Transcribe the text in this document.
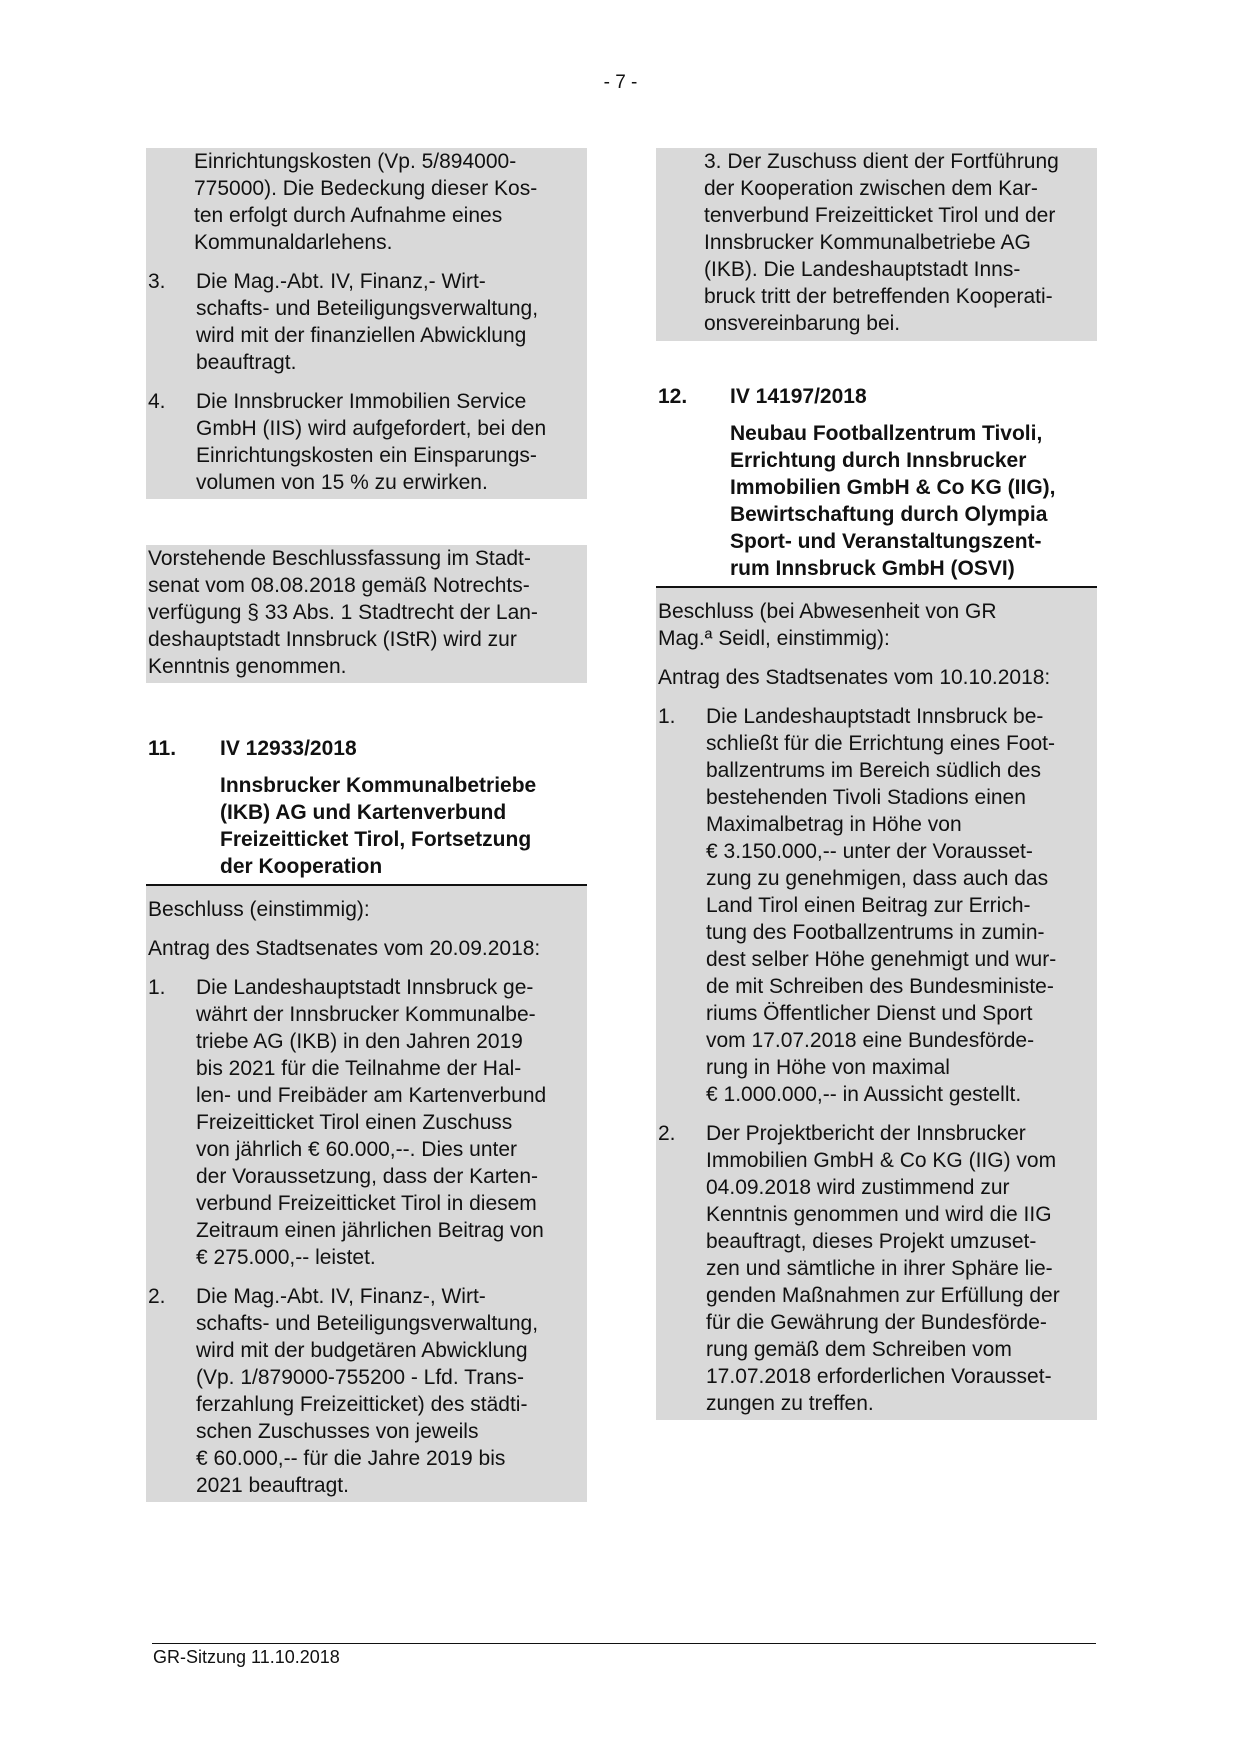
- 7 -
Einrichtungskosten (Vp. 5/894000-
775000). Die Bedeckung dieser Kos-
ten erfolgt durch Aufnahme eines
Kommunaldarlehens.
3.	Die Mag.-Abt. IV, Finanz,- Wirt-
schafts- und Beteiligungsverwaltung,
wird mit der finanziellen Abwicklung
beauftragt.
4.	Die Innsbrucker Immobilien Service
GmbH (IIS) wird aufgefordert, bei den
Einrichtungskosten ein Einsparungs-
volumen von 15 % zu erwirken.
Vorstehende Beschlussfassung im Stadt-
senat vom 08.08.2018 gemäß Notrechts-
verfügung § 33 Abs. 1 Stadtrecht der Lan-
deshauptstadt Innsbruck (IStR) wird zur
Kenntnis genommen.
11.	IV 12933/2018
Innsbrucker Kommunalbetriebe
(IKB) AG und Kartenverbund
Freizeitticket Tirol, Fortsetzung
der Kooperation

Beschluss (einstimmig):

Antrag des Stadtsenates vom 20.09.2018:

1.	Die Landeshauptstadt Innsbruck ge-
währt der Innsbrucker Kommunalbe-
triebe AG (IKB) in den Jahren 2019
bis 2021 für die Teilnahme der Hal-
len- und Freibäder am Kartenverbund
Freizeitticket Tirol einen Zuschuss
von jährlich € 60.000,--. Dies unter
der Voraussetzung, dass der Karten-
verbund Freizeitticket Tirol in diesem
Zeitraum einen jährlichen Beitrag von
€ 275.000,-- leistet.
2.	Die Mag.-Abt. IV, Finanz-, Wirt-
schafts- und Beteiligungsverwaltung,
wird mit der budgetären Abwicklung
(Vp. 1/879000-755200 - Lfd. Trans-
ferzahlung Freizeitticket) des städti-
schen Zuschusses von jeweils
€ 60.000,-- für die Jahre 2019 bis
2021 beauftragt.
3. Der Zuschuss dient der Fortführung
der Kooperation zwischen dem Kar-
tenverbund Freizeitticket Tirol und der
Innsbrucker Kommunalbetriebe AG
(IKB). Die Landeshauptstadt Inns-
bruck tritt der betreffenden Kooperati-
onsvereinbarung bei.
12.	IV 14197/2018
Neubau Footballzentrum Tivoli,
Errichtung durch Innsbrucker
Immobilien GmbH & Co KG (IIG),
Bewirtschaftung durch Olympia
Sport- und Veranstaltungszent-
rum Innsbruck GmbH (OSVI)
Beschluss (bei Abwesenheit von GR
Mag.ª Seidl, einstimmig):

Antrag des Stadtsenates vom 10.10.2018:

1.	Die Landeshauptstadt Innsbruck be-
schließt für die Errichtung eines Foot-
ballzentrums im Bereich südlich des
bestehenden Tivoli Stadions einen
Maximalbetrag in Höhe von
€ 3.150.000,-- unter der Vorausset-
zung zu genehmigen, dass auch das
Land Tirol einen Beitrag zur Errich-
tung des Footballzentrums in zumin-
dest selber Höhe genehmigt und wur-
de mit Schreiben des Bundesministe-
riums Öffentlicher Dienst und Sport
vom 17.07.2018 eine Bundesförde-
rung in Höhe von maximal
€ 1.000.000,-- in Aussicht gestellt.
2.	Der Projektbericht der Innsbrucker
Immobilien GmbH & Co KG (IIG) vom
04.09.2018 wird zustimmend zur
Kenntnis genommen und wird die IIG
beauftragt, dieses Projekt umzuset-
zen und sämtliche in ihrer Sphäre lie-
genden Maßnahmen zur Erfüllung der
für die Gewährung der Bundesförde-
rung gemäß dem Schreiben vom
17.07.2018 erforderlichen Vorausset-
zungen zu treffen.
GR-Sitzung 11.10.2018
